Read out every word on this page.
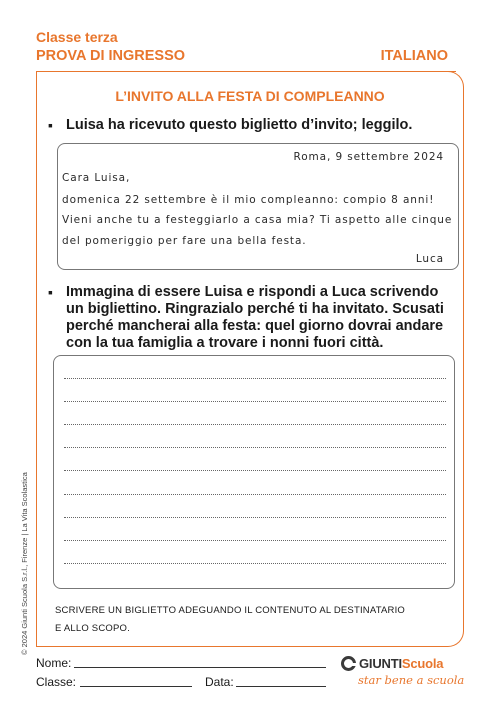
Classe terza
PROVA DI INGRESSO	ITALIANO
L’INVITO ALLA FESTA DI COMPLEANNO
▪ Luisa ha ricevuto questo biglietto d’invito; leggilo.
Roma, 9 settembre 2024
Cara Luisa,
domenica 22 settembre è il mio compleanno: compio 8 anni!
Vieni anche tu a festeggiarlo a casa mia? Ti aspetto alle cinque
del pomeriggio per fare una bella festa.
Luca
▪ Immagina di essere Luisa e rispondi a Luca scrivendo un bigliettino. Ringrazialo perché ti ha invitato. Scusati perché mancherai alla festa: quel giorno dovrai andare con la tua famiglia a trovare i nonni fuori città.
SCRIVERE UN BIGLIETTO ADEGUANDO IL CONTENUTO AL DESTINATARIO
E ALLO SCOPO.
© 2024 Giunti Scuola S.r.l., Firenze | La Vita Scolastica
Nome:
Classe:	Data:
GIUNTI Scuola
star bene a scuola
